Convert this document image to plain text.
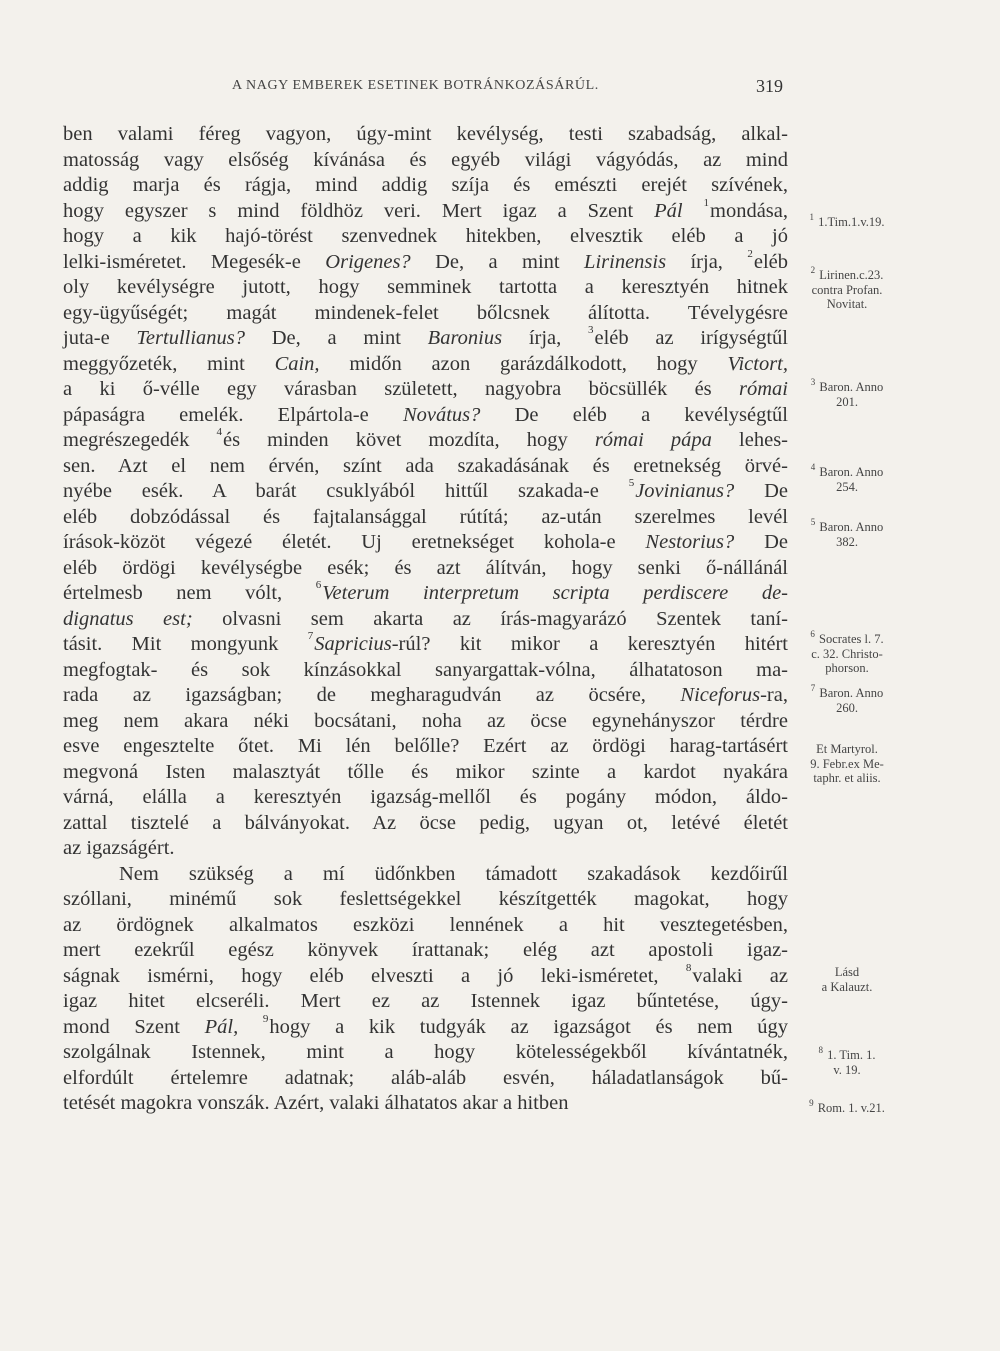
A NAGY EMBEREK ESETINEK BOTRÁNKOZÁSÁRÚL.	319
ben valami féreg vagyon, úgy-mint kevélység, testi szabadság, alkal-
matosság vagy elsőség kívánása és egyéb világi vágyódás, az mind
addig marja és rágja, mind addig szíja és emészti erejét szívének,
hogy egyszer s mind földhöz veri. Mert igaz a Szent Pál $^1$mondása,
hogy a kik hajó-törést szenvednek hitekben, elvesztik eléb a jó
lelki-isméretet. Megesék-e Origenes? De, a mint Lirinensis írja, $^2$eléb
oly kevélységre jutott, hogy semminek tartotta a keresztyén hitnek
egy-ügyűségét; magát mindenek-felet bőlcsnek álította. Tévelygésre
juta-e Tertullianus? De, a mint Baronius írja, $^3$eléb az irígységtűl
meggyőzeték, mint Cain, midőn azon garázdálkodott, hogy Victort,
a ki ő-vélle egy várasban született, nagyobra böcsüllék és római
pápaságra emelék. Elpártola-e Novátus? De eléb a kevélységtűl
megrészegedék $^4$és minden követ mozdíta, hogy római pápa lehes-
sen. Azt el nem érvén, színt ada szakadásának és eretnekség örvé-
nyébe esék. A barát csuklyából hittűl szakada-e $^5$Jovinianus? De
eléb dobzódással és fajtalansággal rútítá; az-után szerelmes levél
írások-közöt végezé életét. Uj eretnekséget kohola-e Nestorius? De
eléb ördögi kevélységbe esék; és azt álítván, hogy senki ő-nállánál
értelmesb nem vólt, $^6$Veterum interpretum scripta perdiscere de-
dignatus est; olvasni sem akarta az írás-magyarázó Szentek taní-
tásit. Mit mongyunk $^7$Sapricius-rúl? kit mikor a keresztyén hitért
megfogtak- és sok kínzásokkal sanyargattak-vólna, álhatatoson ma-
rada az igazságban; de megharagudván az öcsére, Niceforus-ra,
meg nem akara néki bocsátani, noha az öcse egynehányszor térdre
esve engesztelte őtet. Mi lén belőlle? Ezért az ördögi harag-tartásért
megvoná Isten malasztyát tőlle és mikor szinte a kardot nyakára
várná, elálla a keresztyén igazság-mellől és pogány módon, áldo-
zattal tisztelé a bálványokat. Az öcse pedig, ugyan ot, letévé életét
az igazságért.
Nem szükség a mí üdőnkben támadott szakadások kezdőirűl
szóllani, minémű sok feslettségekkel készítgették magokat, hogy
az ördögnek alkalmatos eszközi lennének a hit vesztegetésben,
mert ezekrűl egész könyvek írattanak; elég azt apostoli igaz-
ságnak ismérni, hogy eléb elveszti a jó leki-isméretet, $^8$valaki az
igaz hitet elcseréli. Mert ez az Istennek igaz bűntetése, úgy-
mond Szent Pál, $^9$hogy a kik tudgyák az igazságot és nem úgy
szolgálnak Istennek, mint a hogy kötelességekből kívántatnék,
elfordúlt értelemre adatnak; aláb-aláb esvén, háladatlanságok bű-
tetését magokra vonszák. Azért, valaki álhatatos akar a hitben
$^1$ 1.Tim.1.v.19.
$^2$ Lirinen.c.23.
contra Profan.
Novitat.
$^3$ Baron. Anno
201.
$^4$ Baron. Anno
254.
$^5$ Baron. Anno
382.
$^6$ Socrates l. 7.
c. 32. Christo-
phorson.
$^7$ Baron. Anno
260.
Et Martyrol.
9. Febr.ex Me-
taphr. et aliis.
Lásd
a Kalauzt.
$^8$ 1. Tim. 1.
v. 19.
$^9$ Rom. 1. v.21.
